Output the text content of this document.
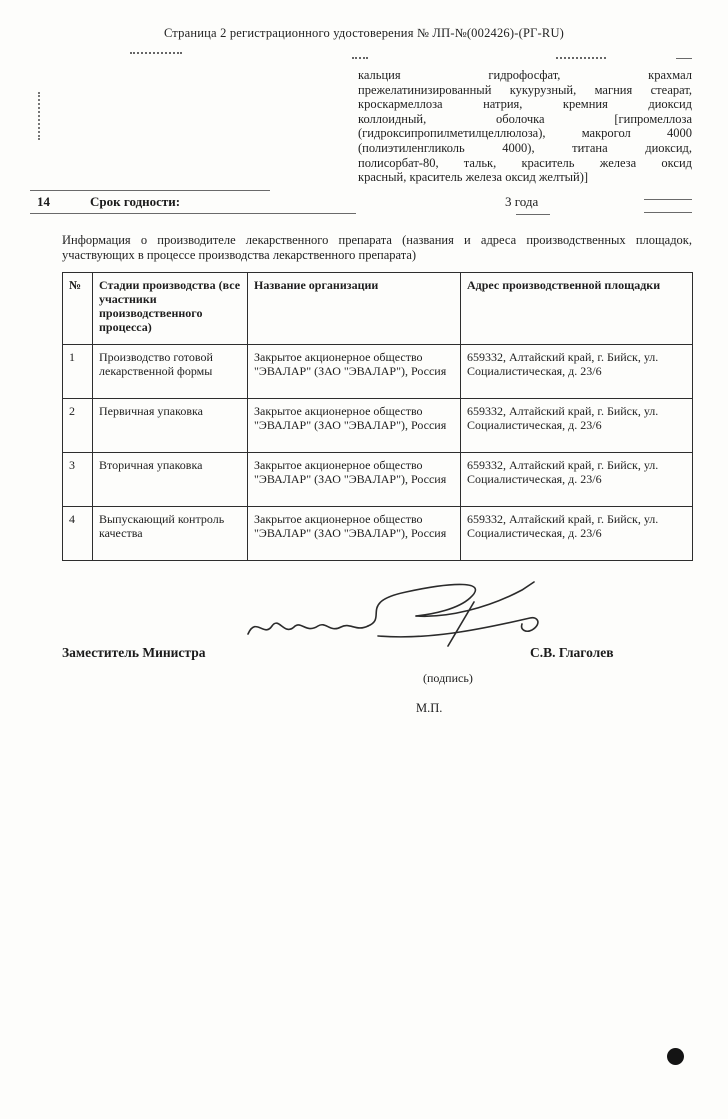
Страница 2 регистрационного удостоверения № ЛП-№(002426)-(РГ-RU)
кальция гидрофосфат, крахмал
прежелатинизированный кукурузный, магния стеарат,
кроскармеллоза натрия, кремния диоксид
коллоидный, оболочка [гипромеллоза
(гидроксипропилметилцеллюлоза), макрогол 4000
(полиэтиленгликоль 4000), титана диоксид,
полисорбат-80, тальк, краситель железа оксид
красный, краситель железа оксид желтый)]
14	Срок годности:	3 года
Информация о производителе лекарственного препарата (названия и адреса производственных площадок, участвующих в процессе производства лекарственного препарата)
№	Стадии производства (все участники производственного процесса)	Название организации	Адрес производственной площадки
1	Производство готовой лекарственной формы	Закрытое акционерное общество "ЭВАЛАР" (ЗАО "ЭВАЛАР"), Россия	659332, Алтайский край, г. Бийск, ул. Социалистическая, д. 23/6
2	Первичная упаковка	Закрытое акционерное общество "ЭВАЛАР" (ЗАО "ЭВАЛАР"), Россия	659332, Алтайский край, г. Бийск, ул. Социалистическая, д. 23/6
3	Вторичная упаковка	Закрытое акционерное общество "ЭВАЛАР" (ЗАО "ЭВАЛАР"), Россия	659332, Алтайский край, г. Бийск, ул. Социалистическая, д. 23/6
4	Выпускающий контроль качества	Закрытое акционерное общество "ЭВАЛАР" (ЗАО "ЭВАЛАР"), Россия	659332, Алтайский край, г. Бийск, ул. Социалистическая, д. 23/6
Заместитель Министра	С.В. Глаголев
(подпись)
М.П.
